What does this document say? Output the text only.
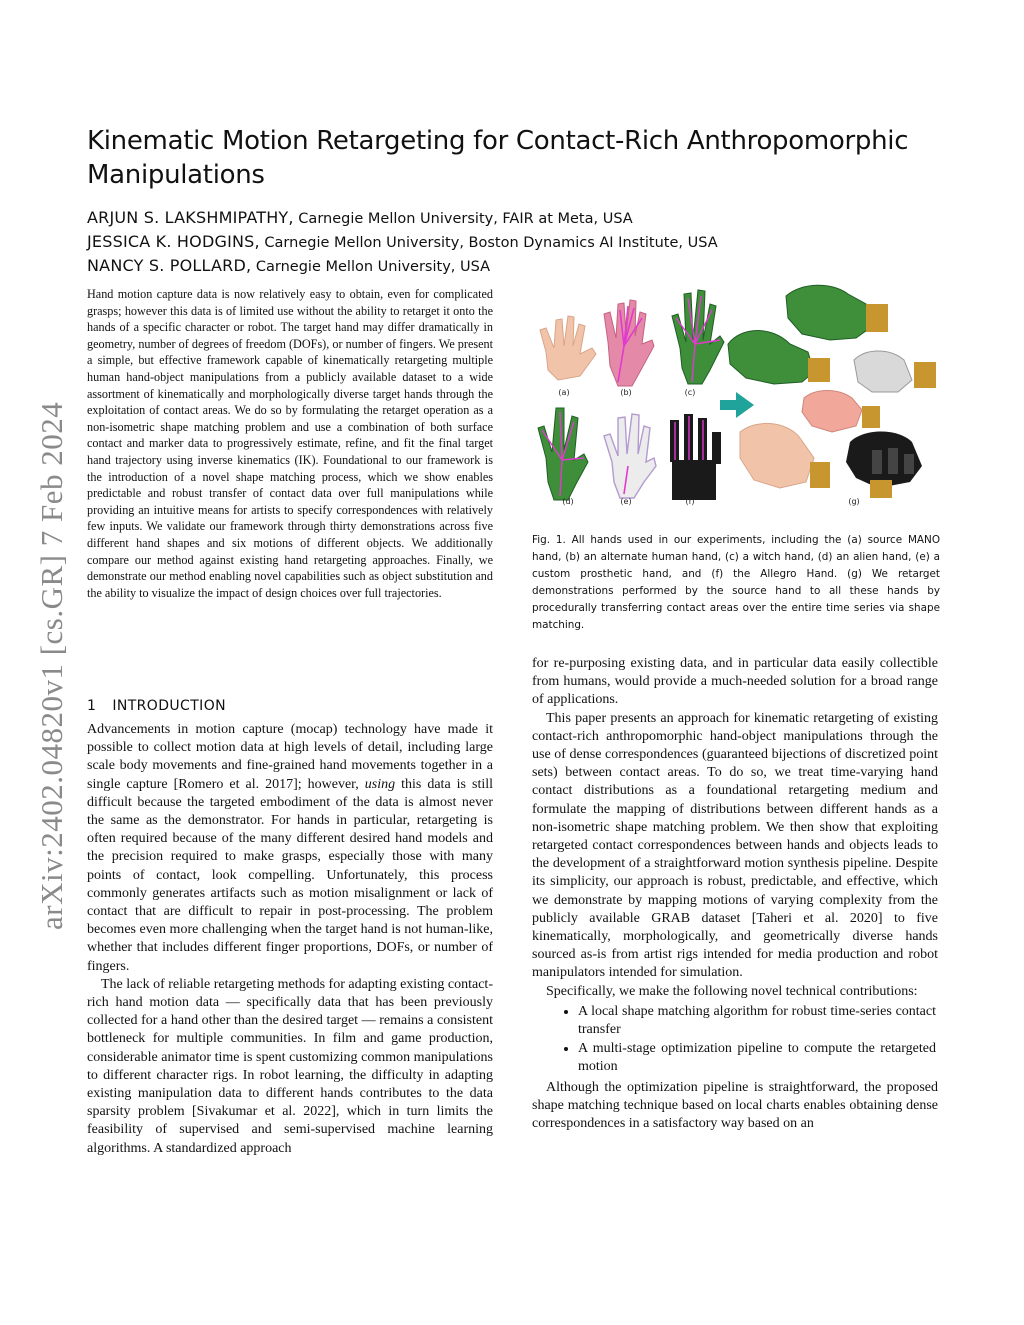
arXiv:2402.04820v1 [cs.GR] 7 Feb 2024
Kinematic Motion Retargeting for Contact-Rich Anthropomorphic Manipulations
ARJUN S. LAKSHMIPATHY, Carnegie Mellon University, FAIR at Meta, USA
JESSICA K. HODGINS, Carnegie Mellon University, Boston Dynamics AI Institute, USA
NANCY S. POLLARD, Carnegie Mellon University, USA

Hand motion capture data is now relatively easy to obtain, even for complicated grasps; however this data is of limited use without the ability to retarget it onto the hands of a specific character or robot. The target hand may differ dramatically in geometry, number of degrees of freedom (DOFs), or number of fingers. We present a simple, but effective framework capable of kinematically retargeting multiple human hand-object manipulations from a publicly available dataset to a wide assortment of kinematically and morphologically diverse target hands through the exploitation of contact areas. We do so by formulating the retarget operation as a non-isometric shape matching problem and use a combination of both surface contact and marker data to progressively estimate, refine, and fit the final target hand trajectory using inverse kinematics (IK). Foundational to our framework is the introduction of a novel shape matching process, which we show enables predictable and robust transfer of contact data over full manipulations while providing an intuitive means for artists to specify correspondences with relatively few inputs. We validate our framework through thirty demonstrations across five different hand shapes and six motions of different objects. We additionally compare our method against existing hand retargeting approaches. Finally, we demonstrate our method enabling novel capabilities such as object substitution and the ability to visualize the impact of design choices over full trajectories.

(a)	(b)	(c)
(d)	(e)	(f)	(g)

Fig. 1. All hands used in our experiments, including the (a) source MANO hand, (b) an alternate human hand, (c) a witch hand, (d) an alien hand, (e) a custom prosthetic hand, and (f) the Allegro Hand. (g) We retarget demonstrations performed by the source hand to all these hands by procedurally transferring contact areas over the entire time series via shape matching.

1 INTRODUCTION

Advancements in motion capture (mocap) technology have made it possible to collect motion data at high levels of detail, including large scale body movements and fine-grained hand movements together in a single capture [Romero et al. 2017]; however, using this data is still difficult because the targeted embodiment of the data is almost never the same as the demonstrator. For hands in particular, retargeting is often required because of the many different desired hand models and the precision required to make grasps, especially those with many points of contact, look compelling. Unfortunately, this process commonly generates artifacts such as motion misalignment or lack of contact that are difficult to repair in post-processing. The problem becomes even more challenging when the target hand is not human-like, whether that includes different finger proportions, DOFs, or number of fingers.

The lack of reliable retargeting methods for adapting existing contact-rich hand motion data — specifically data that has been previously collected for a hand other than the desired target — remains a consistent bottleneck for multiple communities. In film and game production, considerable animator time is spent customizing common manipulations to different character rigs. In robot learning, the difficulty in adapting existing manipulation data to different hands contributes to the data sparsity problem [Sivakumar et al. 2022], which in turn limits the feasibility of supervised and semi-supervised machine learning algorithms. A standardized approach

for re-purposing existing data, and in particular data easily collectible from humans, would provide a much-needed solution for a broad range of applications.

This paper presents an approach for kinematic retargeting of existing contact-rich anthropomorphic hand-object manipulations through the use of dense correspondences (guaranteed bijections of discretized point sets) between contact areas. To do so, we treat time-varying hand contact distributions as a foundational retargeting medium and formulate the mapping of distributions between different hands as a non-isometric shape matching problem. We then show that exploiting retargeted contact correspondences between hands and objects leads to the development of a straightforward motion synthesis pipeline. Despite its simplicity, our approach is robust, predictable, and effective, which we demonstrate by mapping motions of varying complexity from the publicly available GRAB dataset [Taheri et al. 2020] to five kinematically, morphologically, and geometrically diverse hands sourced as-is from artist rigs intended for media production and robot manipulators intended for simulation.

Specifically, we make the following novel technical contributions:

• A local shape matching algorithm for robust time-series contact transfer
• A multi-stage optimization pipeline to compute the retargeted motion

Although the optimization pipeline is straightforward, the proposed shape matching technique based on local charts enables obtaining dense correspondences in a satisfactory way based on an
